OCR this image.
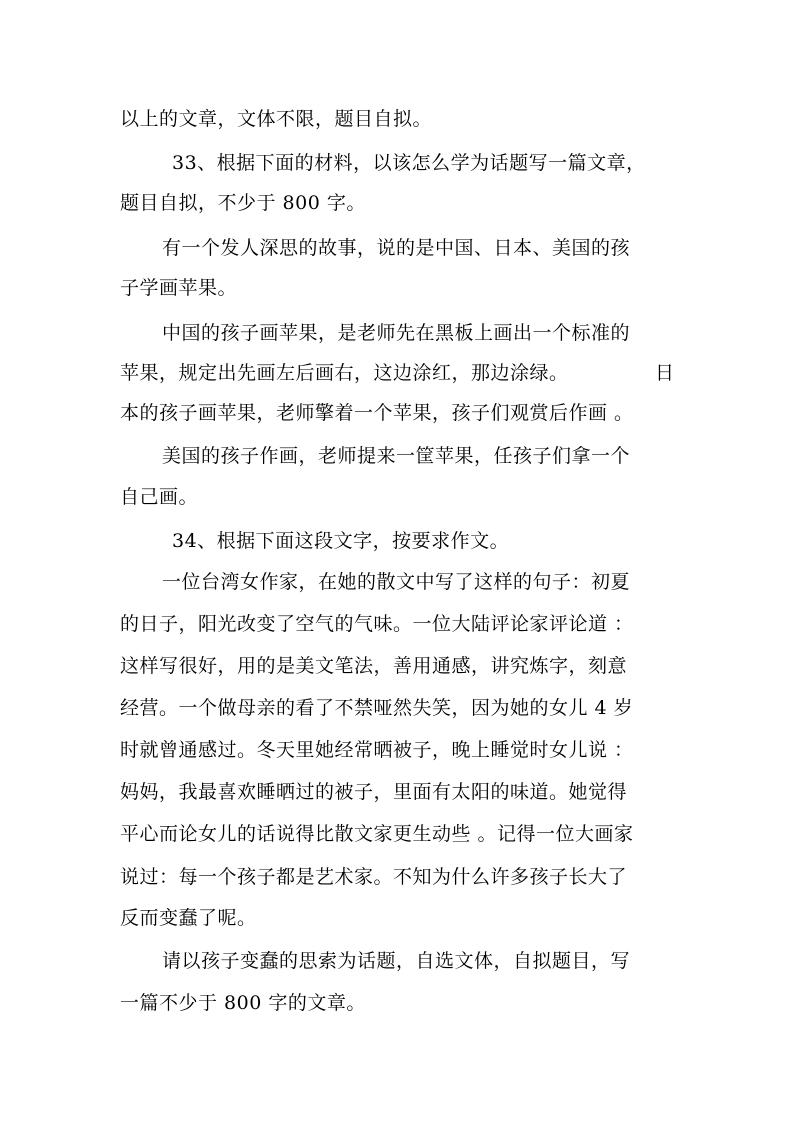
以上的文章，文体不限，题目自拟。
33、根据下面的材料，以该怎么学为话题写一篇文章，
题目自拟，不少于 800 字。
有一个发人深思的故事，说的是中国、日本、美国的孩
子学画苹果。
中国的孩子画苹果，是老师先在黑板上画出一个标准的
苹果，规定出先画左后画右，这边涂红，那边涂绿。	日
本的孩子画苹果，老师擎着一个苹果，孩子们观赏后作画 。
美国的孩子作画，老师提来一筐苹果，任孩子们拿一个
自己画。
34、根据下面这段文字，按要求作文。
一位台湾女作家，在她的散文中写了这样的句子：初夏
的日子，阳光改变了空气的气味。一位大陆评论家评论道 ：
这样写很好，用的是美文笔法，善用通感，讲究炼字，刻意
经营。一个做母亲的看了不禁哑然失笑，因为她的女儿 4 岁
时就曾通感过。冬天里她经常晒被子，晚上睡觉时女儿说 ：
妈妈，我最喜欢睡晒过的被子，里面有太阳的味道。她觉得
平心而论女儿的话说得比散文家更生动些 。记得一位大画家
说过：每一个孩子都是艺术家。不知为什么许多孩子长大了
反而变蠢了呢。
请以孩子变蠢的思索为话题，自选文体，自拟题目，写
一篇不少于 800 字的文章。
